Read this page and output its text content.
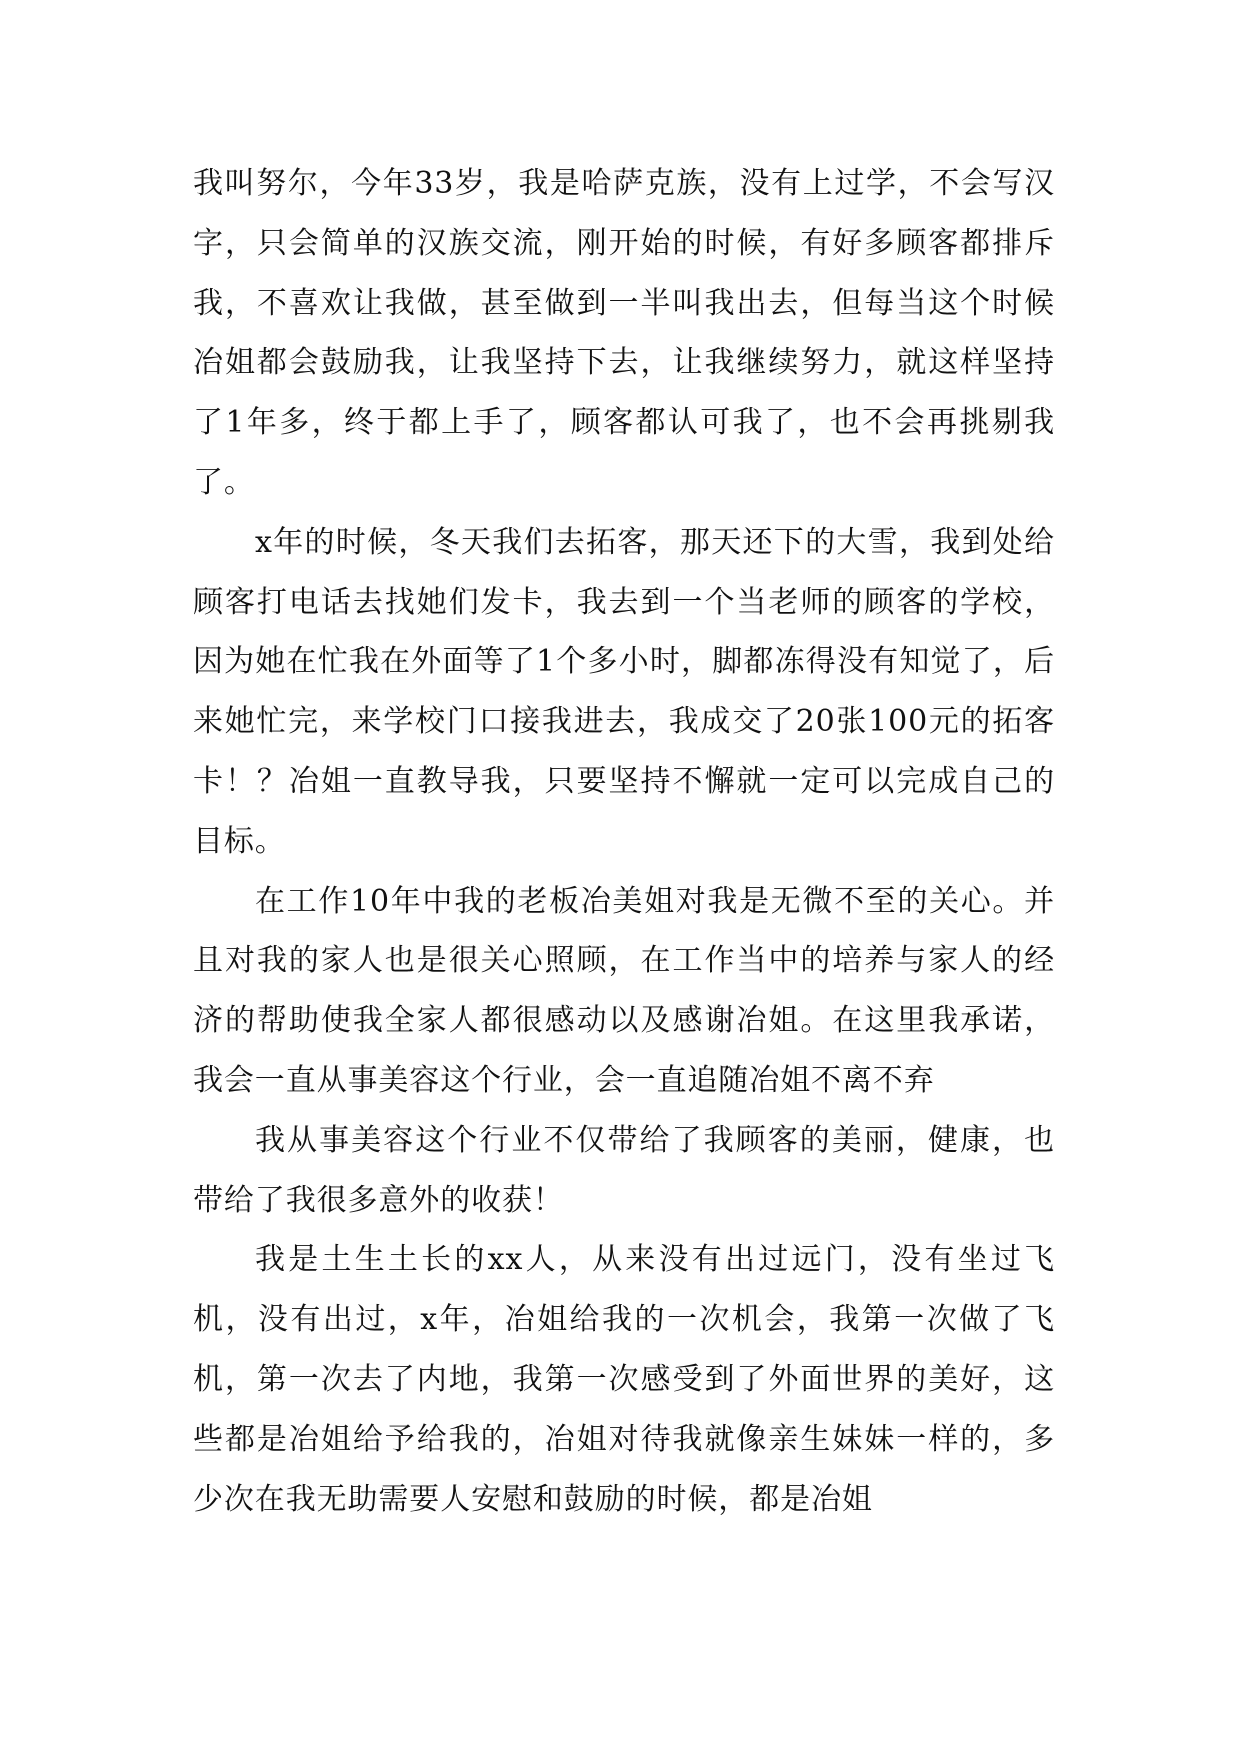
我叫努尔，今年33岁，我是哈萨克族，没有上过学，不会写汉字，只会简单的汉族交流，刚开始的时候，有好多顾客都排斥我，不喜欢让我做，甚至做到一半叫我出去，但每当这个时候冶姐都会鼓励我，让我坚持下去，让我继续努力，就这样坚持了1年多，终于都上手了，顾客都认可我了，也不会再挑剔我了。

x年的时候，冬天我们去拓客，那天还下的大雪，我到处给顾客打电话去找她们发卡，我去到一个当老师的顾客的学校，因为她在忙我在外面等了1个多小时，脚都冻得没有知觉了，后来她忙完，来学校门口接我进去，我成交了20张100元的拓客卡！？冶姐一直教导我，只要坚持不懈就一定可以完成自己的目标。

在工作10年中我的老板冶美姐对我是无微不至的关心。并且对我的家人也是很关心照顾，在工作当中的培养与家人的经济的帮助使我全家人都很感动以及感谢冶姐。在这里我承诺，我会一直从事美容这个行业，会一直追随冶姐不离不弃

我从事美容这个行业不仅带给了我顾客的美丽，健康，也带给了我很多意外的收获！

我是土生土长的xx人，从来没有出过远门，没有坐过飞机，没有出过，x年，冶姐给我的一次机会，我第一次做了飞机，第一次去了内地，我第一次感受到了外面世界的美好，这些都是冶姐给予给我的，冶姐对待我就像亲生妹妹一样的，多少次在我无助需要人安慰和鼓励的时候，都是冶姐
